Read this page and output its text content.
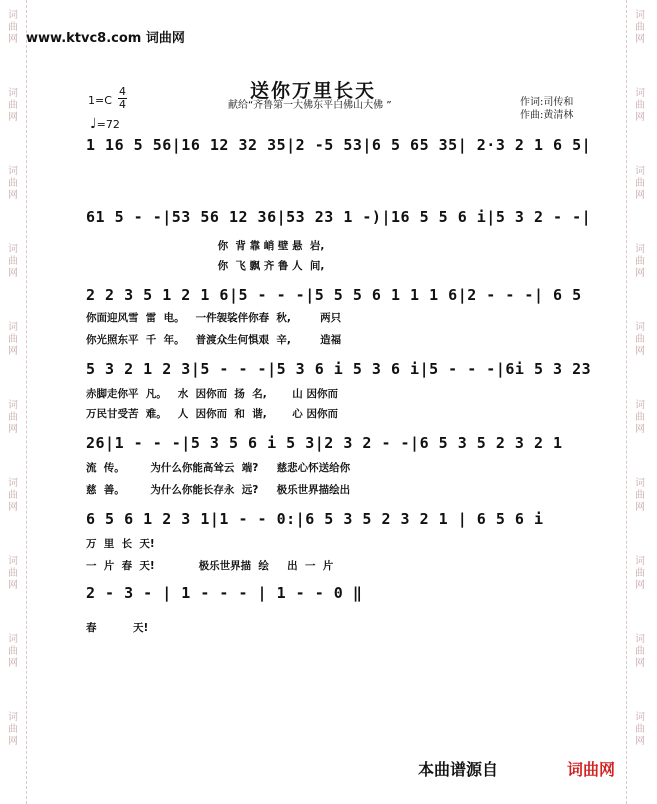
词
曲
网
词
曲
网
词
曲
网
词
曲
网
词
曲
网
词
曲
网
词
曲
网
词
曲
网
词
曲
网
词
曲
网
词
曲
网
词
曲
网
词
曲
网
词
曲
网
词
曲
网
词
曲
网
词
曲
网
词
曲
网
词
曲
网
词
曲
网
www.ktvc8.com 词曲网
送你万里长天
献给“齐鲁第一大佛东平白佛山大佛 ”	作词:司传和
作曲:黄清林
1=C
4
4
♩=72
1 16 5 56|16 12 32 35|2 -5 53|6 5 65 35| 2·3 2 1 6 5|
61 5 - -|53 56 12 36|53 23 1 -)|16 5 5 6 i|5 3 2 - -|
你  背 靠 峭 壁 悬  岩,
你  飞 飘 齐 鲁 人  间,
2 2 3 5 1 2 1 6|5 - - -|5 5 5 6 1 1 1 6|2 - - -| 6 5
你面迎风雪  雷  电。   一件袈裟伴你春  秋,        两只
你光照东平  千  年。   普渡众生何惧艰  辛,        造福
5 3 2 1 2 3|5 - - -|5 3 6 i 5 3 6 i|5 - - -|6i 5 3 23
赤脚走你平  凡。   水  因你而  扬  名,       山 因你而
万民甘受苦  难。   人  因你而  和  谐,       心 因你而
26|1 - - -|5 3 5 6 i 5 3|2 3 2 - -|6 5 3 5 2 3 2 1
流  传。       为什么你能高耸云  端?     慈悲心怀送给你
慈  善。       为什么你能长存永  远?     极乐世界描绘出
6 5 6 1 2 3 1|1 - - 0:|6 5 3 5 2 3 2 1 | 6 5 6 i
万  里  长  天!
一  片  春  天!            极乐世界描  绘     出  一  片
2 - 3 - | 1 - - - | 1 - - 0 ‖
春          天!
本曲谱源自	词曲网
